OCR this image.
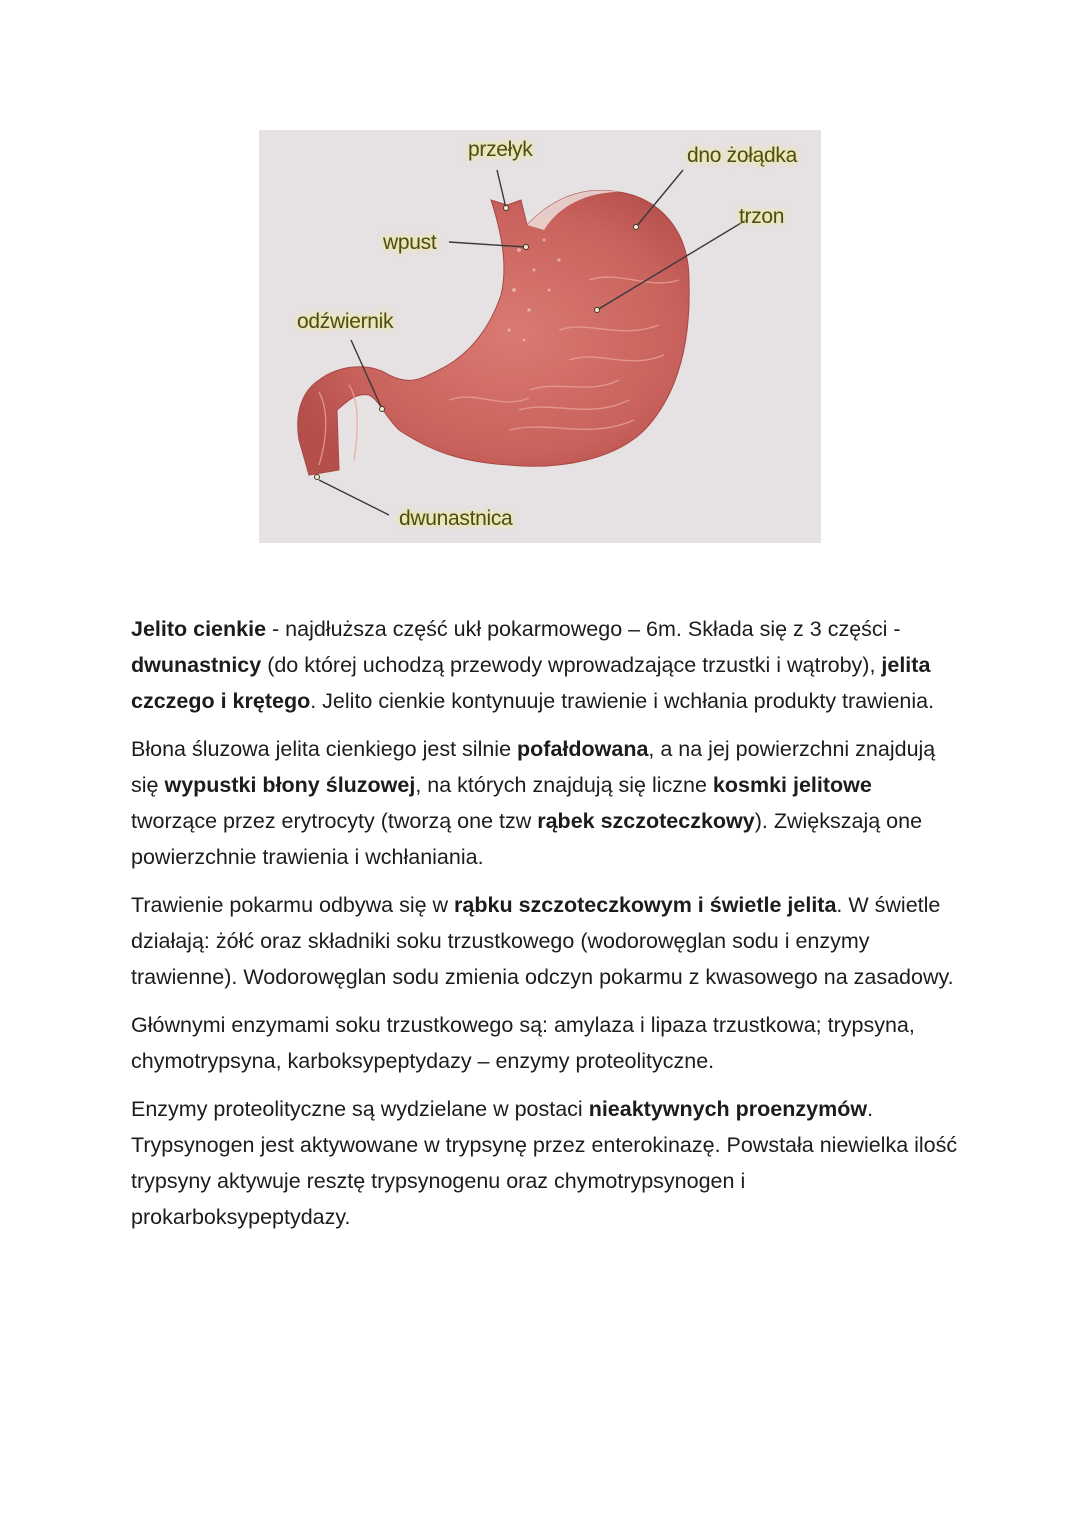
przełyk	dno żołądka
trzon
wpust
odźwiernik
dwunastnica

Jelito cienkie - najdłuższa część ukł pokarmowego – 6m. Składa się z 3 części - dwunastnicy (do której uchodzą przewody wprowadzające trzustki i wątroby), jelita czczego i krętego. Jelito cienkie kontynuuje trawienie i wchłania produkty trawienia.

Błona śluzowa jelita cienkiego jest silnie pofałdowana, a na jej powierzchni znajdują się wypustki błony śluzowej, na których znajdują się liczne kosmki jelitowe tworzące przez erytrocyty (tworzą one tzw rąbek szczoteczkowy). Zwiększają one powierzchnie trawienia i wchłaniania.

Trawienie pokarmu odbywa się w rąbku szczoteczkowym i świetle jelita. W świetle działają: żółć oraz składniki soku trzustkowego (wodorowęglan sodu i enzymy trawienne). Wodorowęglan sodu zmienia odczyn pokarmu z kwasowego na zasadowy.

Głównymi enzymami soku trzustkowego są: amylaza i lipaza trzustkowa; trypsyna, chymotrypsyna, karboksypeptydazy – enzymy proteolityczne.

Enzymy proteolityczne są wydzielane w postaci nieaktywnych proenzymów. Trypsynogen jest aktywowane w trypsynę przez enterokinazę. Powstała niewielka ilość trypsyny aktywuje resztę trypsynogenu oraz chymotrypsynogen i prokarboksypeptydazy.
